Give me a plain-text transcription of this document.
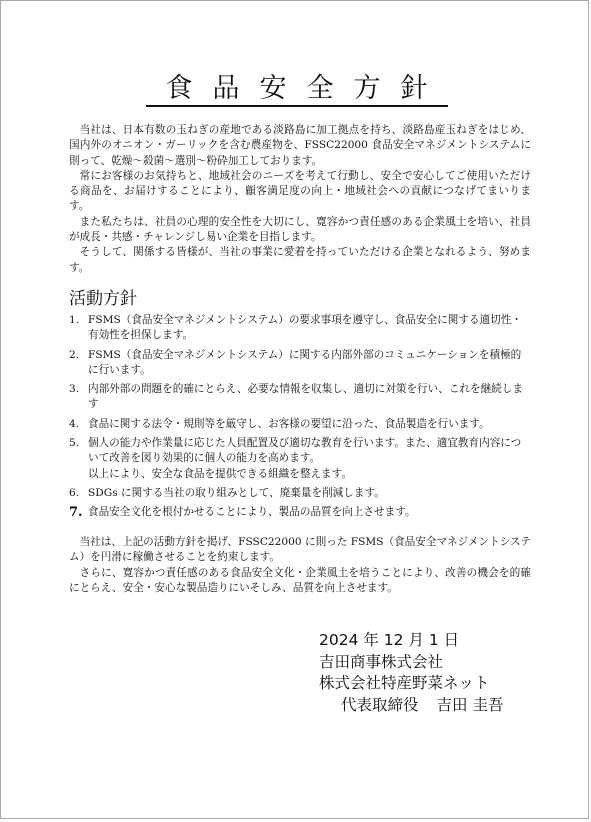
食品安全方針

当社は、日本有数の玉ねぎの産地である淡路島に加工拠点を持ち、淡路島産玉ねぎをはじめ、国内外のオニオン・ガーリックを含む農産物を、FSSC22000 食品安全マネジメントシステムに則って、乾燥～殺菌～選別～粉砕加工しております。

常にお客様のお気持ちと、地域社会のニーズを考えて行動し、安全で安心してご使用いただける商品を、お届けすることにより、顧客満足度の向上・地域社会への貢献につなげてまいります。

また私たちは、社員の心理的安全性を大切にし、寛容かつ責任感のある企業風土を培い、社員が成長・共感・チャレンジし易い企業を目指します。

そうして、関係する皆様が、当社の事業に愛着を持っていただける企業となれるよう、努めます。

活動方針
1. FSMS（食品安全マネジメントシステム）の要求事項を遵守し、食品安全に関する適切性・有効性を担保します。
2. FSMS（食品安全マネジメントシステム）に関する内部外部のコミュニケーションを積極的に行います。
3. 内部外部の問題を的確にとらえ、必要な情報を収集し、適切に対策を行い、これを継続します
4. 食品に関する法令・規則等を厳守し、お客様の要望に沿った、食品製造を行います。
5. 個人の能力や作業量に応じた人員配置及び適切な教育を行います。また、適宜教育内容について改善を図り効果的に個人の能力を高めます。
以上により、安全な食品を提供できる組織を整えます。
6. SDGs に関する当社の取り組みとして、廃棄量を削減します。
7. 食品安全文化を根付かせることにより、製品の品質を向上させます。

当社は、上記の活動方針を掲げ、FSSC22000 に則った FSMS（食品安全マネジメントシステム）を円滑に稼働させることを約束します。

さらに、寛容かつ責任感のある食品安全文化・企業風土を培うことにより、改善の機会を的確にとらえ、安全・安心な製品造りにいそしみ、品質を向上させます。

2024 年 12 月 1 日
吉田商事株式会社
株式会社特産野菜ネット
代表取締役 吉田 圭吾
